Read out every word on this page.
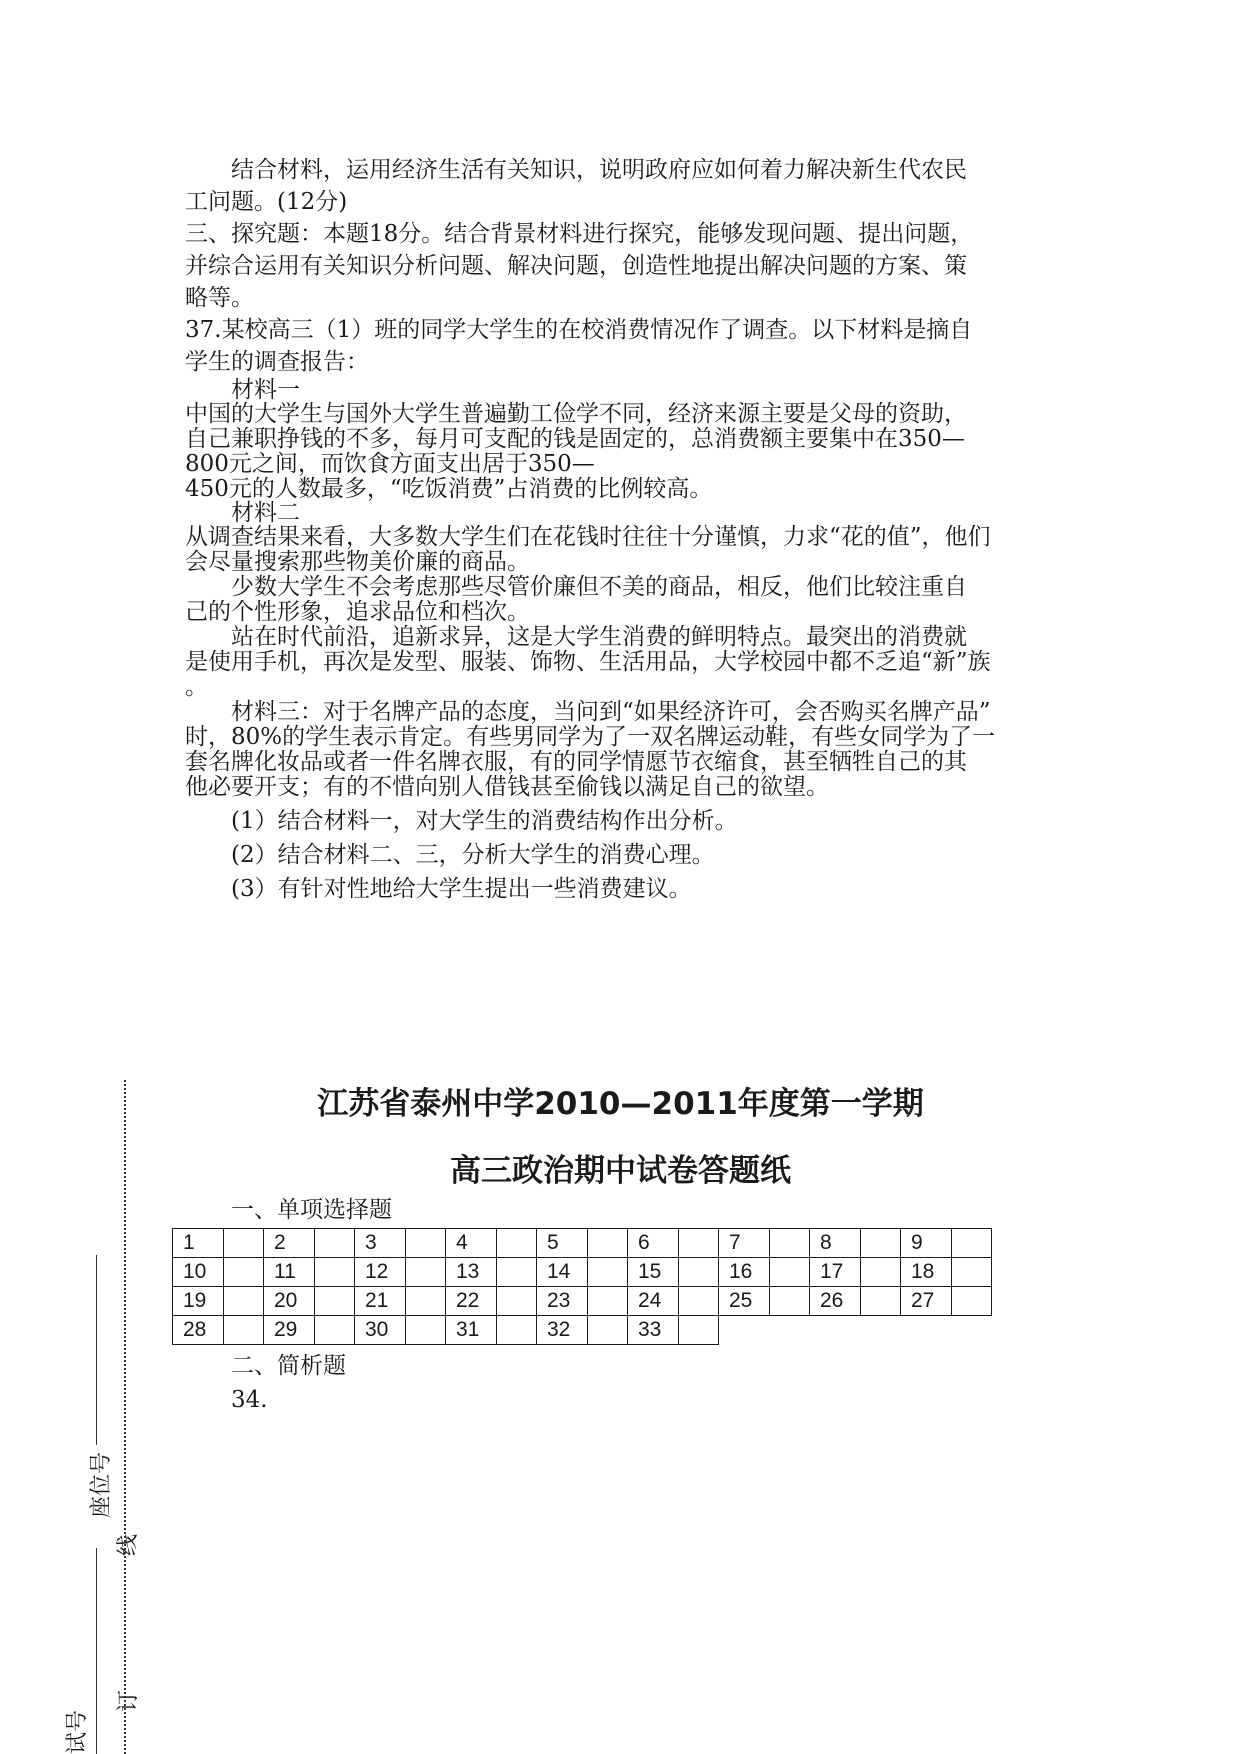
　　结合材料，运用经济生活有关知识，说明政府应如何着力解决新生代农民
工问题。(12分)
三、探究题：本题18分。结合背景材料进行探究，能够发现问题、提出问题，
并综合运用有关知识分析问题、解决问题，创造性地提出解决问题的方案、策
略等。
37.某校高三（1）班的同学大学生的在校消费情况作了调查。以下材料是摘自
学生的调查报告：
　　材料一
中国的大学生与国外大学生普遍勤工俭学不同，经济来源主要是父母的资助，
自己兼职挣钱的不多，每月可支配的钱是固定的，总消费额主要集中在350—
800元之间，而饮食方面支出居于350—
450元的人数最多，“吃饭消费”占消费的比例较高。
　　材料二
从调查结果来看，大多数大学生们在花钱时往往十分谨慎，力求“花的值”，他们
会尽量搜索那些物美价廉的商品。
　　少数大学生不会考虑那些尽管价廉但不美的商品，相反，他们比较注重自
己的个性形象，追求品位和档次。
　　站在时代前沿，追新求异，这是大学生消费的鲜明特点。最突出的消费就
是使用手机，再次是发型、服装、饰物、生活用品，大学校园中都不乏追“新”族
。
　　材料三：对于名牌产品的态度，当问到“如果经济许可，会否购买名牌产品”
时，80%的学生表示肯定。有些男同学为了一双名牌运动鞋，有些女同学为了一
套名牌化妆品或者一件名牌衣服，有的同学情愿节衣缩食，甚至牺牲自己的其
他必要开支；有的不惜向别人借钱甚至偷钱以满足自己的欲望。
　　(1）结合材料一，对大学生的消费结构作出分析。
　　(2）结合材料二、三，分析大学生的消费心理。
　　(3）有针对性地给大学生提出一些消费建议。
江苏省泰州中学2010—2011年度第一学期
高三政治期中试卷答题纸
　　一、单项选择题
1		2		3		4		5		6		7		8		9	
10		11		12		13		14		15		16		17		18	
19		20		21		22		23		24		25		26		27	
28		29		30		31		32		33							
　　二、简析题
　　34.
座位号
线
订
试号
